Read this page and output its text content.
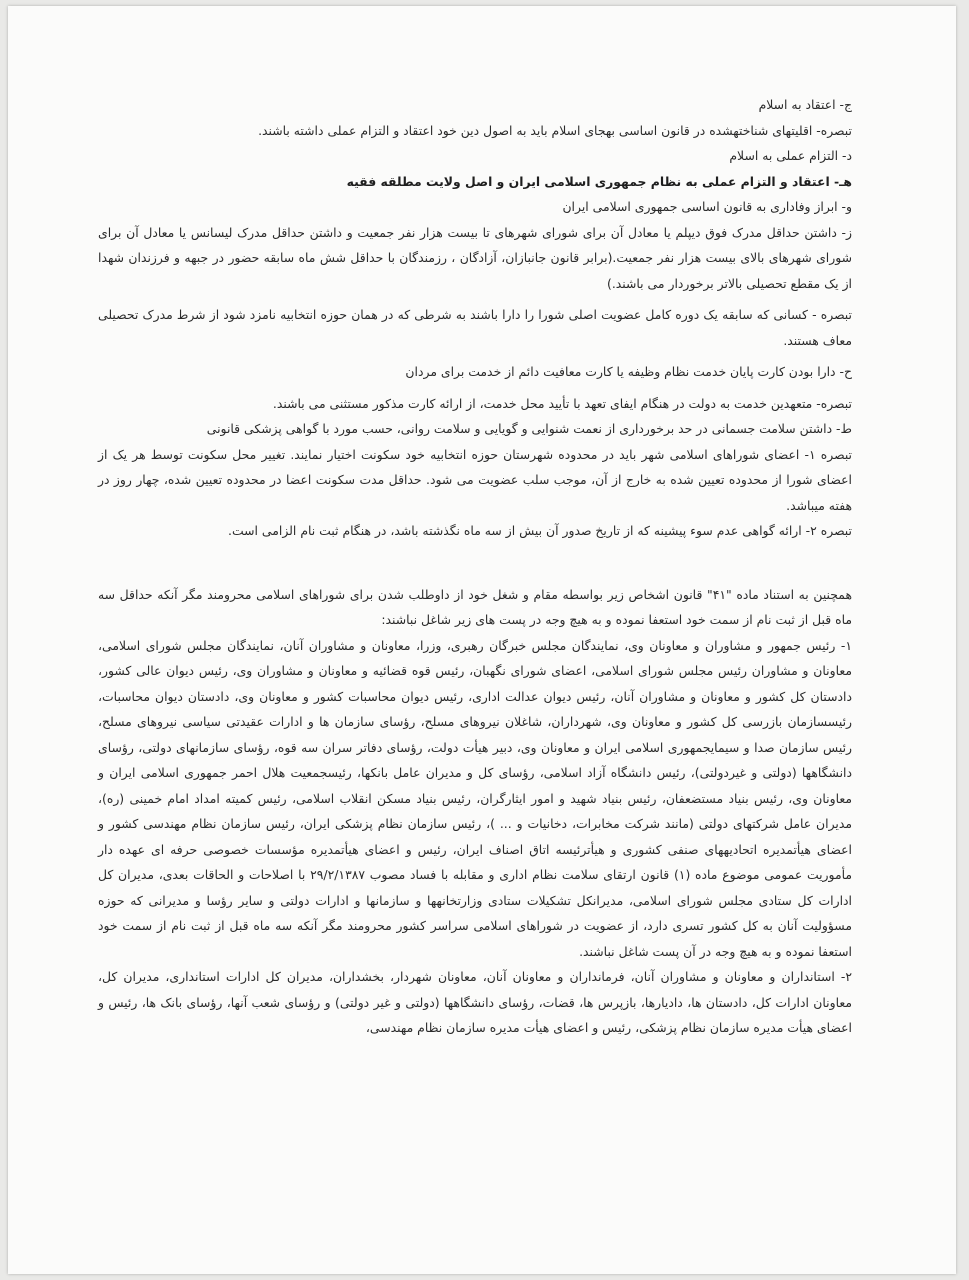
ج- اعتقاد به اسلام

تبصره- اقلیتهای شناختهشده در قانون اساسی بهجای اسلام باید به اصول دین خود اعتقاد و التزام عملی داشته باشند.

د- التزام عملی به اسلام

هـ- اعتقاد و التزام عملی به نظام جمهوری اسلامی ایران و اصل ولایت مطلقه فقیه

و- ابراز وفاداری به قانون اساسی جمهوری اسلامی ایران

ز- داشتن حداقل مدرک فوق دیپلم یا معادل آن برای شورای شهرهای تا بیست هزار نفر جمعیت و داشتن حداقل مدرک لیسانس یا معادل آن برای شورای شهرهای بالای بیست هزار نفر جمعیت.(برابر قانون جانبازان، آزادگان ، رزمندگان با حداقل شش ماه سابقه حضور در جبهه و فرزندان شهدا از یک مقطع تحصیلی بالاتر برخوردار می باشند.)

تبصره - کسانی که سابقه یک دوره کامل عضویت اصلی شورا را دارا باشند به شرطی که در همان حوزه انتخابیه نامزد شود از شرط مدرک تحصیلی معاف هستند.

ح- دارا بودن کارت پایان خدمت نظام وظیفه یا کارت معافیت دائم از خدمت برای مردان

تبصره- متعهدین خدمت به دولت در هنگام ایفای تعهد با تأیید محل خدمت، از ارائه کارت مذکور مستثنی می باشند.

ط- داشتن سلامت جسمانی در حد برخورداری از نعمت شنوایی و گویایی و سلامت روانی، حسب مورد با گواهی پزشکی قانونی

تبصره ۱- اعضای شوراهای اسلامی شهر باید در محدوده شهرستان حوزه انتخابیه خود سکونت اختیار نمایند. تغییر محل سکونت توسط هر یک از اعضای شورا از محدوده تعیین شده به خارج از آن، موجب سلب عضویت می شود. حداقل مدت سکونت اعضا در محدوده تعیین شده، چهار روز در هفته میباشد.

تبصره ۲- ارائه گواهی عدم سوء پیشینه که از تاریخ صدور آن بیش از سه ماه نگذشته باشد، در هنگام ثبت نام الزامی است.

همچنین به استناد ماده "۴۱" قانون اشخاص زیر بواسطه مقام و شغل خود از داوطلب شدن برای شوراهای اسلامی محرومند مگر آنکه حداقل سه ماه قبل از ثبت نام از سمت خود استعفا نموده و به هیچ وجه در پست های زیر شاغل نباشند:

۱- رئیس جمهور و مشاوران و معاونان وی، نمایندگان مجلس خبرگان رهبری، وزرا، معاونان و مشاوران آنان، نمایندگان مجلس شورای اسلامی، معاونان و مشاوران رئیس مجلس شورای اسلامی، اعضای شورای نگهبان، رئیس قوه قضائیه و معاونان و مشاوران وی، رئیس دیوان عالی کشور، دادستان کل کشور و معاونان و مشاوران آنان، رئیس دیوان عدالت اداری، رئیس دیوان محاسبات کشور و معاونان وی، دادستان دیوان محاسبات، رئیسسازمان بازرسی کل کشور و معاونان وی، شهرداران، شاغلان نیروهای مسلح، رؤسای سازمان ها و ادارات عقیدتی سیاسی نیروهای مسلح، رئیس سازمان صدا و سیمایجمهوری اسلامی ایران و معاونان وی، دبیر هیأت دولت، رؤسای دفاتر سران سه قوه، رؤسای سازمانهای دولتی، رؤسای دانشگاهها (دولتی و غیردولتی)، رئیس دانشگاه آزاد اسلامی، رؤسای کل و مدیران عامل بانکها، رئیسجمعیت هلال احمر جمهوری اسلامی ایران و معاونان وی، رئیس بنیاد مستضعفان، رئیس بنیاد شهید و امور ایثارگران، رئیس بنیاد مسکن انقلاب اسلامی، رئیس کمیته امداد امام خمینی (ره)، مدیران عامل شرکتهای دولتی (مانند شرکت مخابرات، دخانیات و ... )، رئیس سازمان نظام پزشکی ایران، رئیس سازمان نظام مهندسی کشور و اعضای هیأتمدیره اتحادیههای صنفی کشوری و هیأترئیسه اتاق اصناف ایران، رئیس و اعضای هیأتمدیره مؤسسات خصوصی حرفه ای عهده دار مأموریت عمومی موضوع ماده (۱) قانون ارتقای سلامت نظام اداری و مقابله با فساد مصوب ۲۹/۲/۱۳۸۷ با اصلاحات و الحاقات بعدی، مدیران کل ادارات کل ستادی مجلس شورای اسلامی، مدیرانکل تشکیلات ستادی وزارتخانهها و سازمانها و ادارات دولتی و سایر رؤسا و مدیرانی که حوزه مسؤولیت آنان به کل کشور تسری دارد، از عضویت در شوراهای اسلامی سراسر کشور محرومند مگر آنکه سه ماه قبل از ثبت نام از سمت خود استعفا نموده و به هیچ وجه در آن پست شاغل نباشند.

۲- استانداران و معاونان و مشاوران آنان، فرمانداران و معاونان آنان، معاونان شهردار، بخشداران، مدیران کل ادارات استانداری، مدیران کل، معاونان ادارات کل، دادستان ها، دادیارها، بازپرس ها، قضات، رؤسای دانشگاهها (دولتی و غیر دولتی) و رؤسای شعب آنها، رؤسای بانک ها، رئیس و اعضای هیأت مدیره سازمان نظام پزشکی، رئیس و اعضای هیأت مدیره سازمان نظام مهندسی،
